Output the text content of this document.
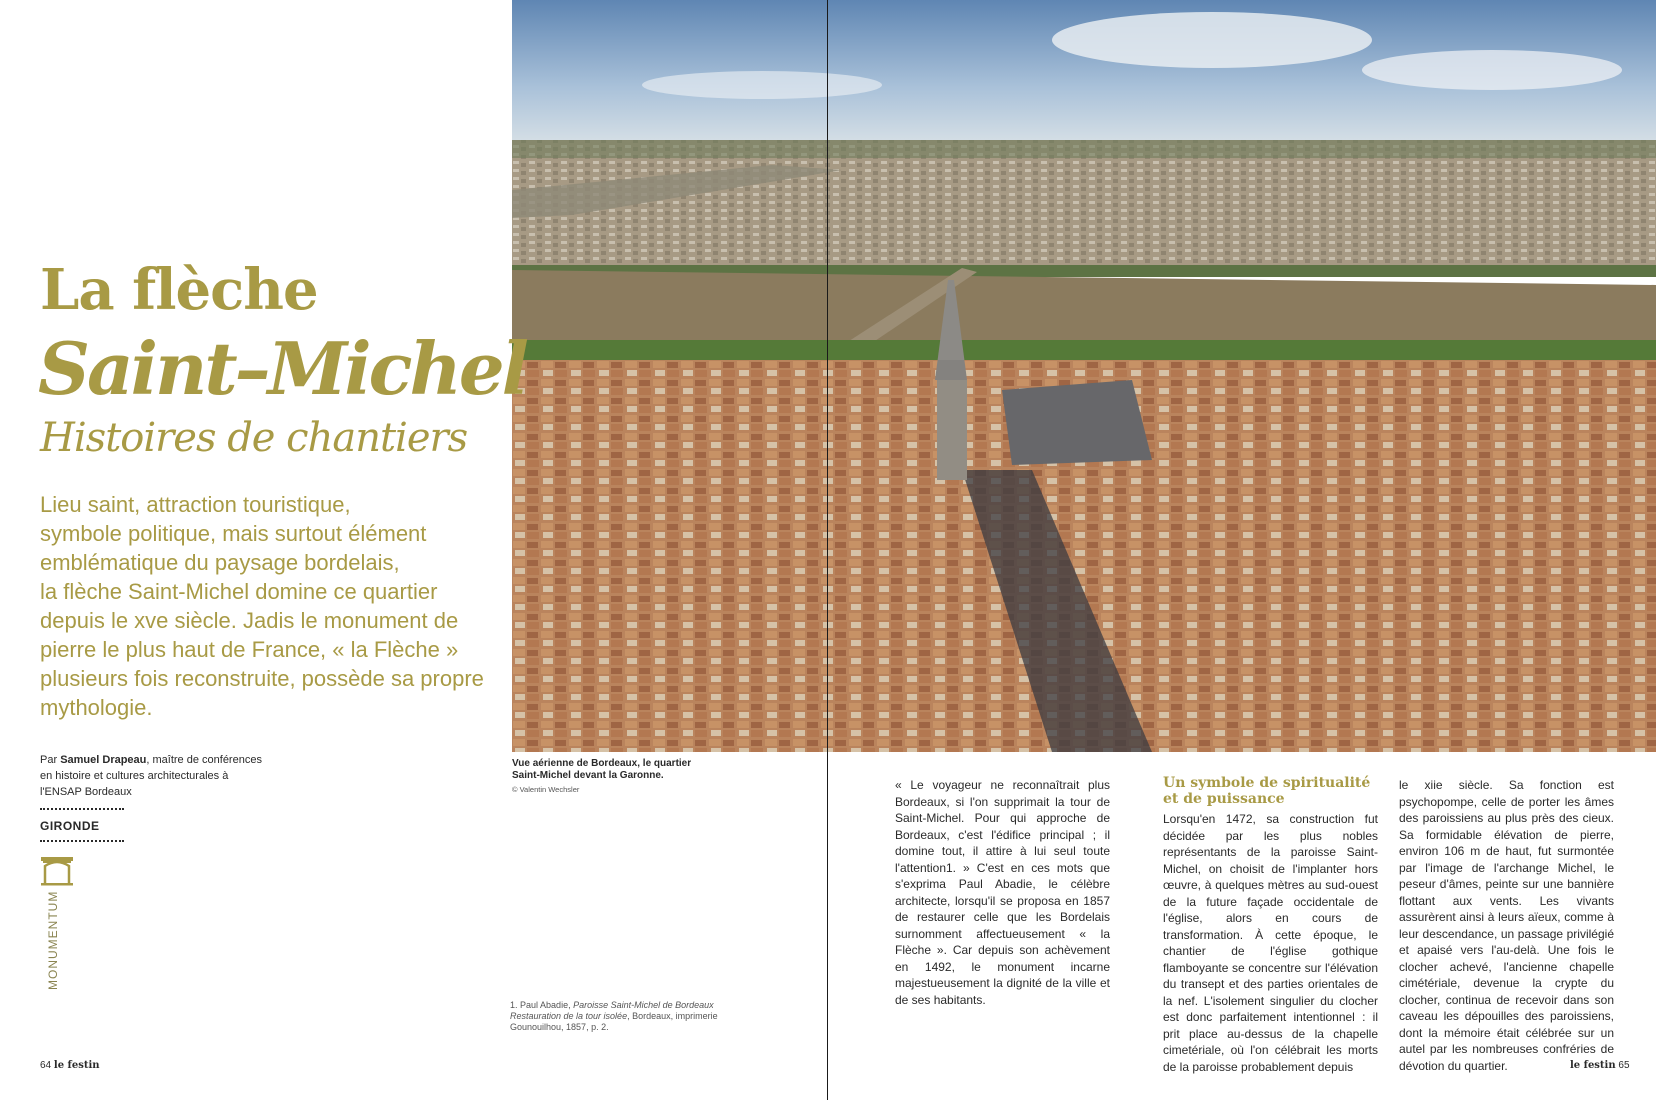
La flèche
Saint–Michel
Histoires de chantiers

Lieu saint, attraction touristique,

symbole politique, mais surtout élément

emblématique du paysage bordelais,

la flèche Saint-Michel domine ce quartier

depuis le xve siècle. Jadis le monument de

pierre le plus haut de France, « la Flèche »

plusieurs fois reconstruite, possède sa propre

mythologie.

Par Samuel Drapeau, maître de conférences en histoire et cultures architecturales à l'ENSAP Bordeaux
GIRONDE
MONUMENTUM
Vue aérienne de Bordeaux, le quartier Saint-Michel devant la Garonne.
© Valentin Wechsler
1. Paul Abadie, Paroisse Saint-Michel de Bordeaux Restauration de la tour isolée, Bordeaux, imprimerie Gounouilhou, 1857, p. 2.
« Le voyageur ne reconnaîtrait plus Bordeaux, si l'on supprimait la tour de Saint-Michel. Pour qui approche de Bordeaux, c'est l'édifice principal ; il domine tout, il attire à lui seul toute l'attention1. » C'est en ces mots que s'exprima Paul Abadie, le célèbre architecte, lorsqu'il se proposa en 1857 de restaurer celle que les Bordelais surnomment affectueusement « la Flèche ». Car depuis son achèvement en 1492, le monument incarne majestueusement la dignité de la ville et de ses habitants.
Un symbole de spiritualité et de puissance
Lorsqu'en 1472, sa construction fut décidée par les plus nobles représentants de la paroisse Saint-Michel, on choisit de l'implanter hors œuvre, à quelques mètres au sud-ouest de la future façade occidentale de l'église, alors en cours de transformation. À cette époque, le chantier de l'église gothique flamboyante se concentre sur l'élévation du transept et des parties orientales de la nef. L'isolement singulier du clocher est donc parfaitement intentionnel : il prit place au-dessus de la chapelle cimetériale, où l'on célébrait les morts de la paroisse probablement depuis
le xiie siècle. Sa fonction est psychopompe, celle de porter les âmes des paroissiens au plus près des cieux. Sa formidable élévation de pierre, environ 106 m de haut, fut surmontée par l'image de l'archange Michel, le peseur d'âmes, peinte sur une bannière flottant aux vents. Les vivants assurèrent ainsi à leurs aïeux, comme à leur descendance, un passage privilégié et apaisé vers l'au-delà. Une fois le clocher achevé, l'ancienne chapelle cimétériale, devenue la crypte du clocher, continua de recevoir dans son caveau les dépouilles des paroissiens, dont la mémoire était célébrée sur un autel par les nombreuses confréries de dévotion du quartier.
64 le festin	le festin 65
